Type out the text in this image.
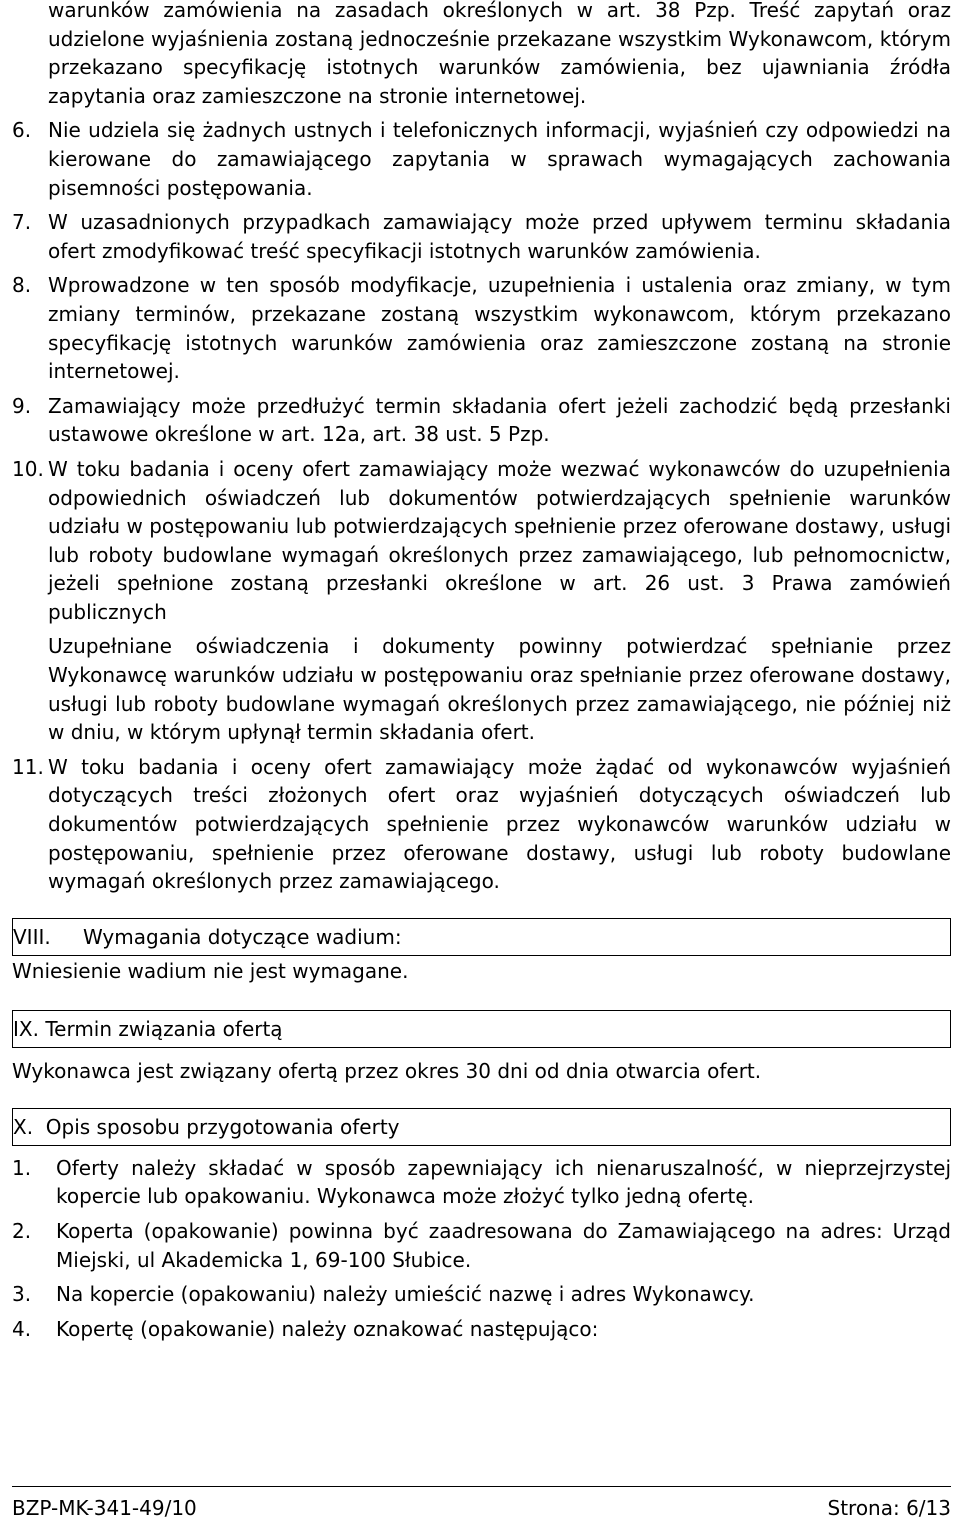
warunków zamówienia na zasadach określonych w art. 38 Pzp. Treść zapytań oraz udzielone wyjaśnienia zostaną jednocześnie przekazane wszystkim Wykonawcom, którym przekazano specyfikację istotnych warunków zamówienia, bez ujawniania źródła zapytania oraz zamieszczone na stronie internetowej.

6. Nie udziela się żadnych ustnych i telefonicznych informacji, wyjaśnień czy odpowiedzi na kierowane do zamawiającego zapytania w sprawach wymagających zachowania pisemności postępowania.
7. W uzasadnionych przypadkach zamawiający może przed upływem terminu składania ofert zmodyfikować treść specyfikacji istotnych warunków zamówienia.
8. Wprowadzone w ten sposób modyfikacje, uzupełnienia i ustalenia oraz zmiany, w tym zmiany terminów, przekazane zostaną wszystkim wykonawcom, którym przekazano specyfikację istotnych warunków zamówienia oraz zamieszczone zostaną na stronie internetowej.
9. Zamawiający może przedłużyć termin składania ofert jeżeli zachodzić będą przesłanki ustawowe określone w art. 12a, art. 38 ust. 5 Pzp.
10. W toku badania i oceny ofert zamawiający może wezwać wykonawców do uzupełnienia odpowiednich oświadczeń lub dokumentów potwierdzających spełnienie warunków udziału w postępowaniu lub potwierdzających spełnienie przez oferowane dostawy, usługi lub roboty budowlane wymagań określonych przez zamawiającego, lub pełnomocnictw, jeżeli spełnione zostaną przesłanki określone w art. 26 ust. 3 Prawa zamówień publicznych

Uzupełniane oświadczenia i dokumenty powinny potwierdzać spełnianie przez Wykonawcę warunków udziału w postępowaniu oraz spełnianie przez oferowane dostawy, usługi lub roboty budowlane wymagań określonych przez zamawiającego, nie później niż w dniu, w którym upłynął termin składania ofert.

11. W toku badania i oceny ofert zamawiający może żądać od wykonawców wyjaśnień dotyczących treści złożonych ofert oraz wyjaśnień dotyczących oświadczeń lub dokumentów potwierdzających spełnienie przez wykonawców warunków udziału w postępowaniu, spełnienie przez oferowane dostawy, usługi lub roboty budowlane wymagań określonych przez zamawiającego.
VIII.	Wymagania dotyczące wadium:

Wniesienie wadium nie jest wymagane.

IX.
Termin związania ofertą

Wykonawca jest związany ofertą przez okres 30 dni od dnia otwarcia ofert.

X.
Opis sposobu przygotowania oferty
1.	Oferty należy składać w sposób zapewniający ich nienaruszalność, w nieprzejrzystej kopercie lub opakowaniu. Wykonawca może złożyć tylko jedną ofertę.
2.	Koperta (opakowanie) powinna być zaadresowana do Zamawiającego na adres: Urząd Miejski, ul Akademicka 1, 69-100 Słubice.
3.	Na kopercie (opakowaniu) należy umieścić nazwę i adres Wykonawcy.
4.	Kopertę (opakowanie) należy oznakować następująco:
BZP-MK-341-49/10	Strona: 6/13
